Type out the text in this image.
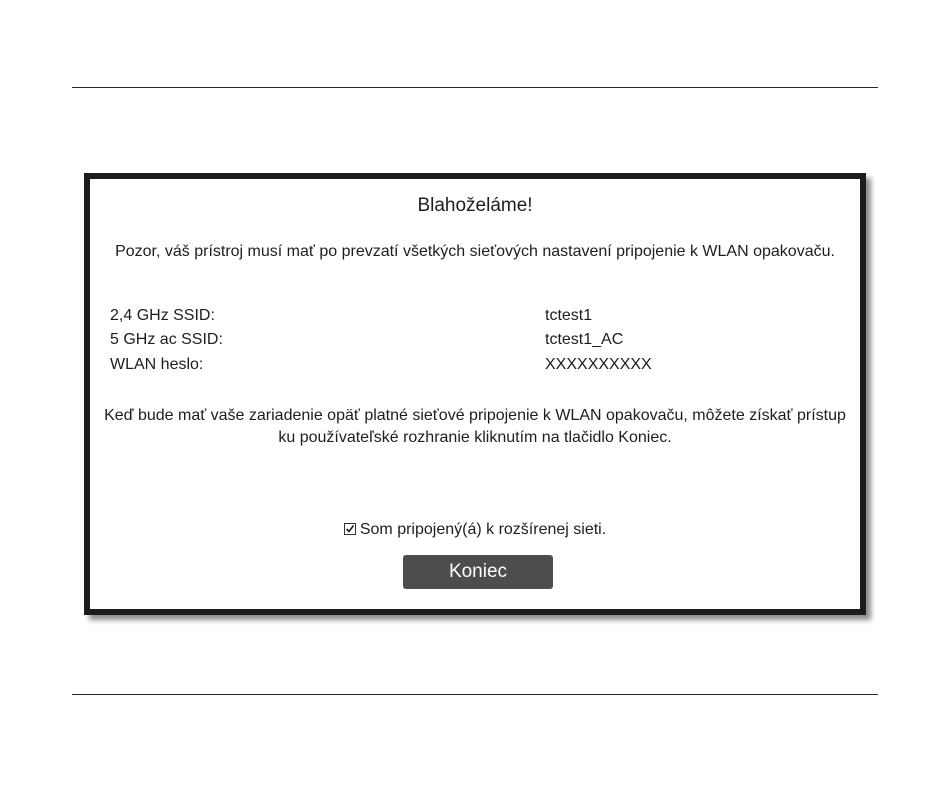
Blahoželáme!
Pozor, váš prístroj musí mať po prevzatí všetkých sieťových nastavení pripojenie k WLAN opakovaču.
2,4 GHz SSID:	tctest1
5 GHz ac SSID:	tctest1_AC
WLAN heslo:	XXXXXXXXXX
Keď bude mať vaše zariadenie opäť platné sieťové pripojenie k WLAN opakovaču, môžete získať prístup ku používateľské rozhranie kliknutím na tlačidlo Koniec.
Som pripojený(á) k rozšírenej sieti.
Koniec
